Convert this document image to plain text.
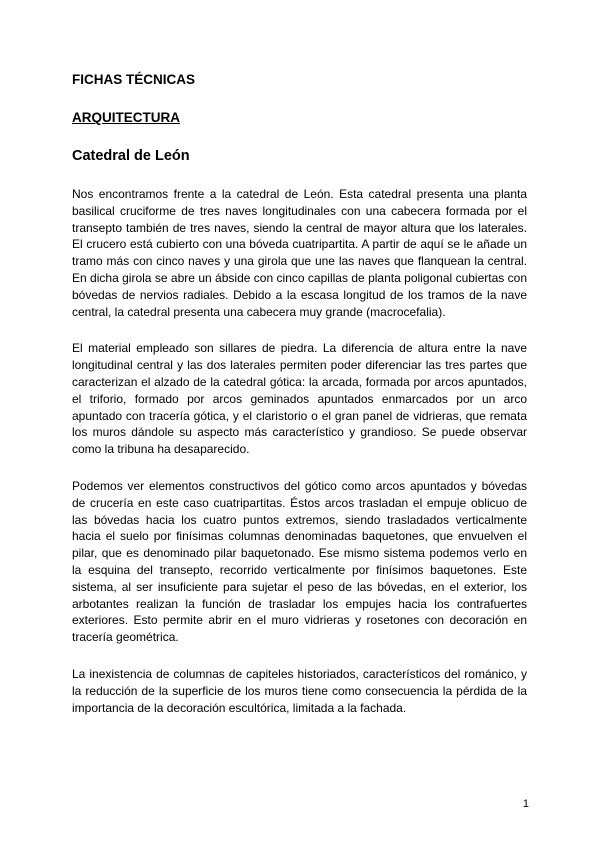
FICHAS TÉCNICAS
ARQUITECTURA
Catedral de León

Nos encontramos frente a la catedral de León. Esta catedral presenta una planta basilical cruciforme de tres naves longitudinales con una cabecera formada por el transepto también de tres naves, siendo la central de mayor altura que los laterales. El crucero está cubierto con una bóveda cuatripartita. A partir de aquí se le añade un tramo más con cinco naves y una girola que une las naves que flanquean la central. En dicha girola se abre un ábside con cinco capillas de planta poligonal cubiertas con bóvedas de nervios radiales. Debido a la escasa longitud de los tramos de la nave central, la catedral presenta una cabecera muy grande (macrocefalia).

El material empleado son sillares de piedra. La diferencia de altura entre la nave longitudinal central y las dos laterales permiten poder diferenciar las tres partes que caracterizan el alzado de la catedral gótica: la arcada, formada por arcos apuntados, el triforio, formado por arcos geminados apuntados enmarcados por un arco apuntado con tracería gótica, y el claristorio o el gran panel de vidrieras, que remata los muros dándole su aspecto más característico y grandioso. Se puede observar como la tribuna ha desaparecido.

Podemos ver elementos constructivos del gótico como arcos apuntados y bóvedas de crucería en este caso cuatripartitas. Éstos arcos trasladan el empuje oblicuo de las bóvedas hacia los cuatro puntos extremos, siendo trasladados verticalmente hacia el suelo por finísimas columnas denominadas baquetones, que envuelven el pilar, que es denominado pilar baquetonado. Ese mismo sistema podemos verlo en la esquina del transepto, recorrido verticalmente por finísimos baquetones. Este sistema, al ser insuficiente para sujetar el peso de las bóvedas, en el exterior, los arbotantes realizan la función de trasladar los empujes hacia los contrafuertes exteriores. Esto permite abrir en el muro vidrieras y rosetones con decoración en tracería geométrica.

La inexistencia de columnas de capiteles historiados, característicos del románico, y la reducción de la superficie de los muros tiene como consecuencia la pérdida de la importancia de la decoración escultórica, limitada a la fachada.

1
